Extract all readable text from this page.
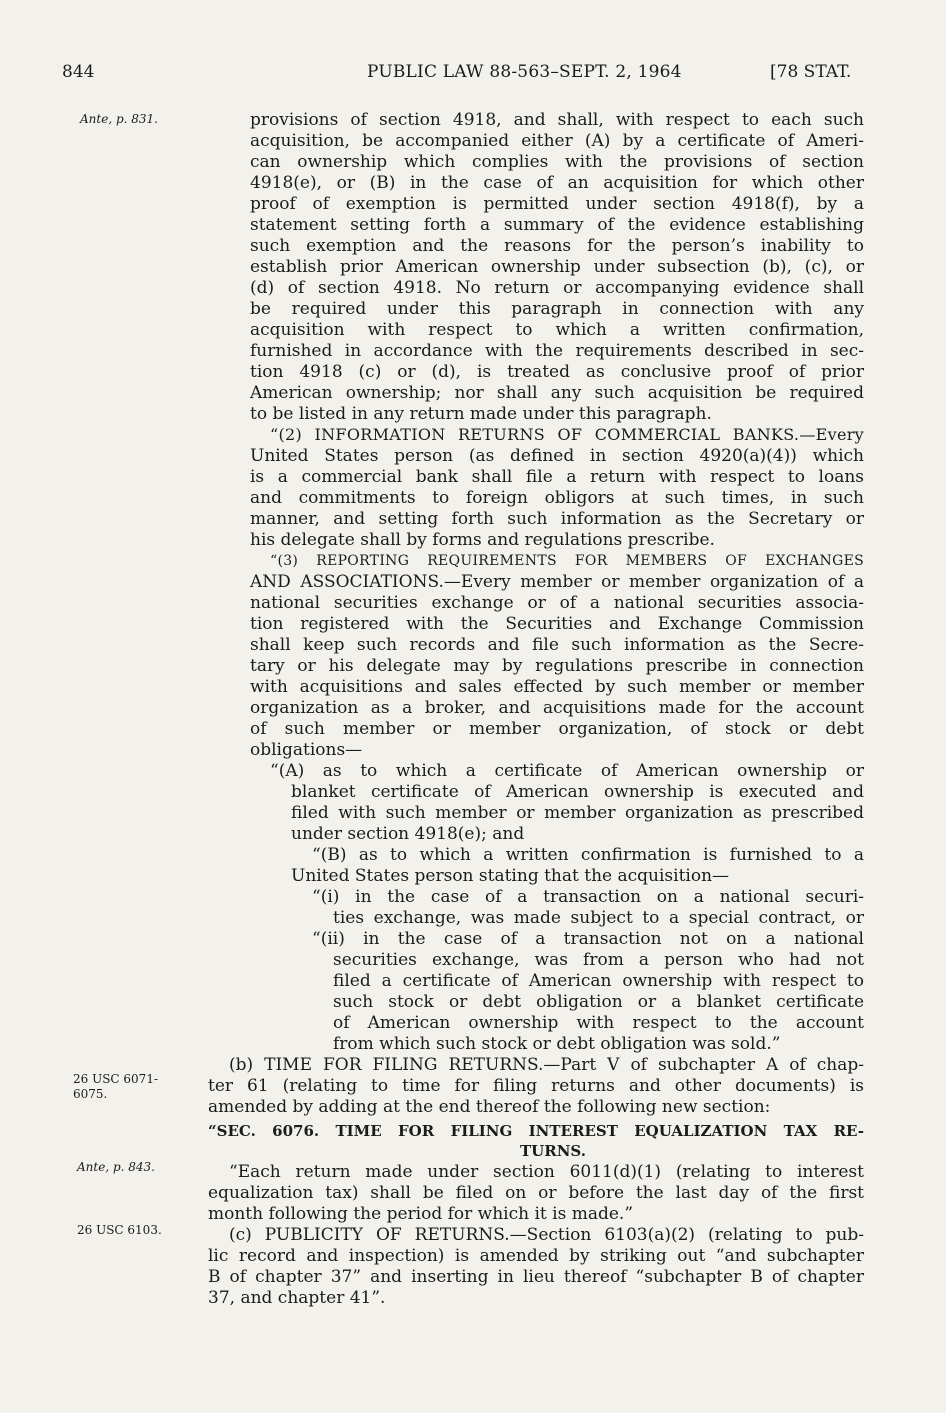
844	PUBLIC LAW 88-563–SEPT. 2, 1964	[78 STAT.
Ante, p. 831.
26 USC 6071-
6075.
Ante, p. 843.
26 USC 6103.
provisions of section 4918, and shall, with respect to each such
acquisition, be accompanied either (A) by a certificate of Ameri-
can ownership which complies with the provisions of section
4918(e), or (B) in the case of an acquisition for which other
proof of exemption is permitted under section 4918(f), by a
statement setting forth a summary of the evidence establishing
such exemption and the reasons for the person’s inability to
establish prior American ownership under subsection (b), (c), or
(d) of section 4918. No return or accompanying evidence shall
be required under this paragraph in connection with any
acquisition with respect to which a written confirmation,
furnished in accordance with the requirements described in sec-
tion 4918 (c) or (d), is treated as conclusive proof of prior
American ownership; nor shall any such acquisition be required
to be listed in any return made under this paragraph.
“(2) INFORMATION RETURNS OF COMMERCIAL BANKS.—Every
United States person (as defined in section 4920(a)(4)) which
is a commercial bank shall file a return with respect to loans
and commitments to foreign obligors at such times, in such
manner, and setting forth such information as the Secretary or
his delegate shall by forms and regulations prescribe.
“(3) REPORTING REQUIREMENTS FOR MEMBERS OF EXCHANGES
AND ASSOCIATIONS.—Every member or member organization of a
national securities exchange or of a national securities associa-
tion registered with the Securities and Exchange Commission
shall keep such records and file such information as the Secre-
tary or his delegate may by regulations prescribe in connection
with acquisitions and sales effected by such member or member
organization as a broker, and acquisitions made for the account
of such member or member organization, of stock or debt
obligations—
“(A) as to which a certificate of American ownership or
blanket certificate of American ownership is executed and
filed with such member or member organization as prescribed
under section 4918(e); and
“(B) as to which a written confirmation is furnished to a
United States person stating that the acquisition—
“(i) in the case of a transaction on a national securi-
ties exchange, was made subject to a special contract, or
“(ii) in the case of a transaction not on a national
securities exchange, was from a person who had not
filed a certificate of American ownership with respect to
such stock or debt obligation or a blanket certificate
of American ownership with respect to the account
from which such stock or debt obligation was sold.”
(b) TIME FOR FILING RETURNS.—Part V of subchapter A of chap-
ter 61 (relating to time for filing returns and other documents) is
amended by adding at the end thereof the following new section:
“SEC. 6076. TIME FOR FILING INTEREST EQUALIZATION TAX RE-
TURNS.
“Each return made under section 6011(d)(1) (relating to interest
equalization tax) shall be filed on or before the last day of the first
month following the period for which it is made.”
(c) PUBLICITY OF RETURNS.—Section 6103(a)(2) (relating to pub-
lic record and inspection) is amended by striking out “and subchapter
B of chapter 37” and inserting in lieu thereof “subchapter B of chapter
37, and chapter 41”.
